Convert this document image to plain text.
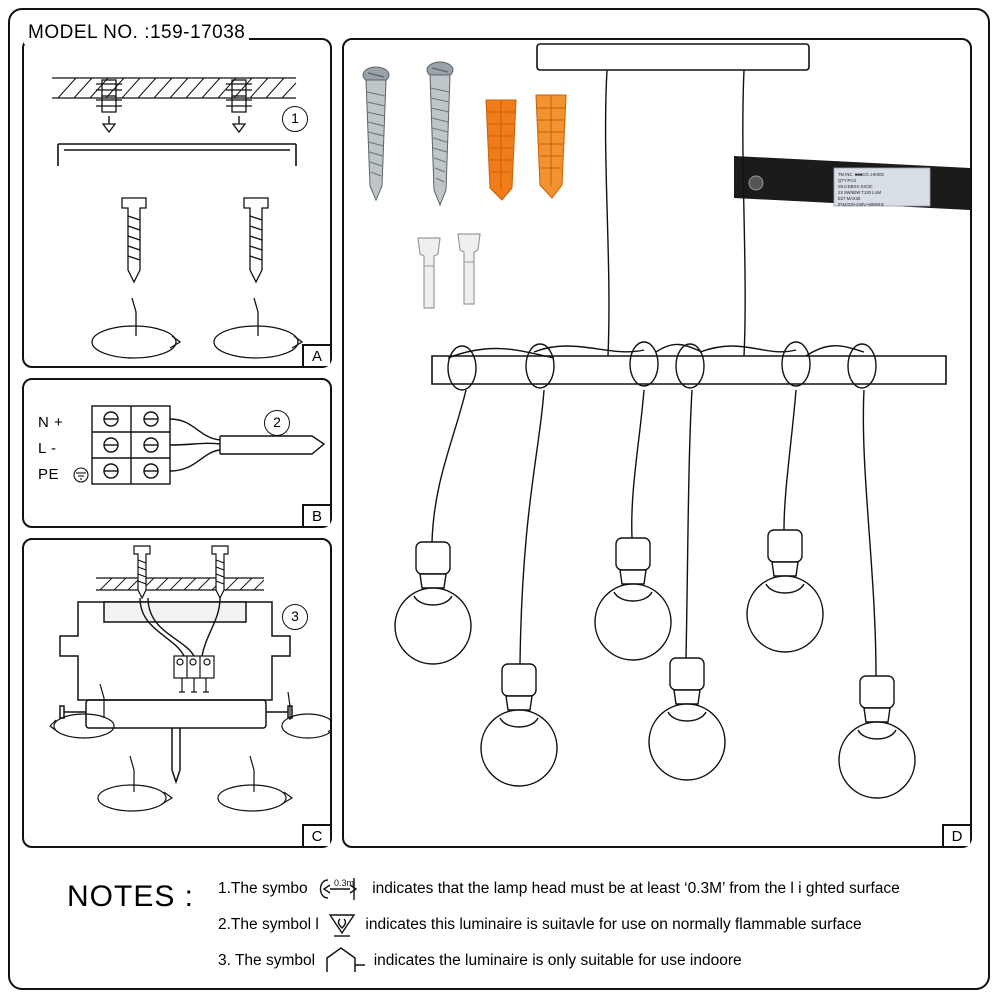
MODEL NO. :159-17038
1
A
2
B
N +
L -
PE
3
C	D
TM INC. ■■■CO.,HK003
QTY:PCS
SKU:DBXX-XX/3C
2X 8W/60W T120 LUM
E27 MAX30
IP44/220-240V~50/60Hz
NOTES : 1.The symbo	0.3m indicates that the lamp head must be at least ‘0.3M’ from the l i ghted surface
2.The symbol l	indicates this luminaire is suitavle for use on normally flammable surface
3. The symbol	indicates the luminaire is only suitable for use indoore
